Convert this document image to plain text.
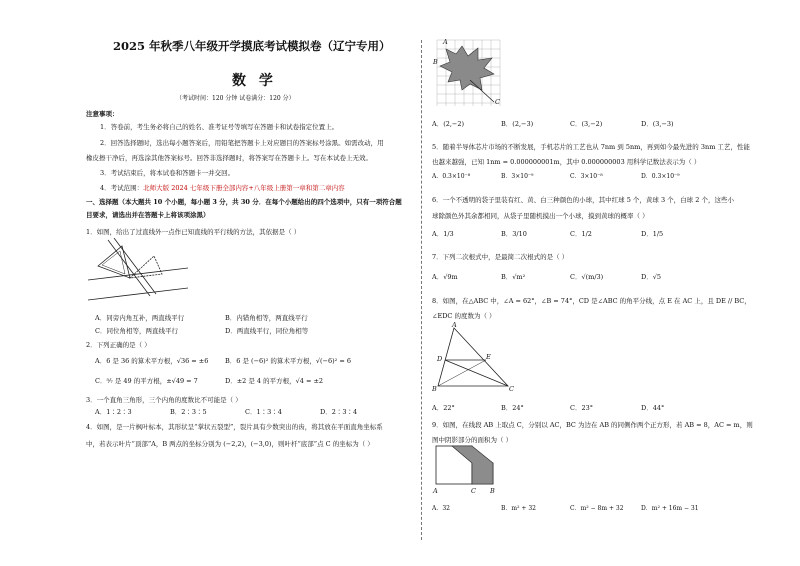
2025 年秋季八年级开学摸底考试模拟卷（辽宁专用）
数 学
（考试时间：120 分钟 试卷满分：120 分）
注意事项：
1．答卷前，考生务必将自己的姓名、准考证号等填写在答题卡和试卷指定位置上。
2．回答选择题时，选出每小题答案后，用铅笔把答题卡上对应题目的答案标号涂黑。如需改动，用
橡皮擦干净后，再选涂其他答案标号。回答非选择题时，将答案写在答题卡上。写在本试卷上无效。
3．考试结束后，将本试卷和答题卡一并交回。
4．考试范围：北师大版 2024 七年级下册全部内容+八年级上册第一章和第二章内容
一、选择题（本大题共 10 个小题，每小题 3 分，共 30 分．在每个小题给出的四个选项中，只有一项符合题
目要求，请选出并在答题卡上将该项涂黑）
1．如图，给出了过直线外一点作已知直线的平行线的方法，其依据是（ ）
A．同旁内角互补，两直线平行	B．内错角相等，两直线平行
C．同位角相等，两直线平行	D．两直线平行，同位角相等
2．下列正确的是（ ）
A．6 是 36 的算术平方根，√36 = ±6	B．6 是 (−6)² 的算术平方根，√(−6)² = 6
C．⁵⁄₇ 是 49 的平方根，±√49 = 7	D．±2 是 4 的平方根，√4 = ±2
3．一个直角三角形，三个内角的度数比不可能是（ ）
A．1∶2∶3	B．2∶3∶5	C．1∶3∶4	D．2∶3∶4
4．如图，是一片枫叶标本，其形状呈“掌状五裂型”，裂片具有少数突出的齿，将其放在平面直角坐标系
中，若表示叶片“顶部”A，B 两点的坐标分别为 (−2,2)，(−3,0)，则叶杆“底部”点 C 的坐标为（ ）
A
B
C
A．(2,−2)	B．(2,−3)	C．(3,−2)	D．(3,−3)
5．随着半导体芯片市场的不断发展，手机芯片的工艺也从 7nm 到 5nm，再到如今最先进的 3nm 工艺，性能
也越来越强，已知 1nm = 0.000000001m，其中 0.000000003 用科学记数法表示为（ ）
A．0.3×10⁻⁸	B．3×10⁻⁹	C．3×10⁻⁸	D．0.3×10⁻⁹
6．一个不透明的袋子里装有红、黄、白三种颜色的小球，其中红球 5 个，黄球 3 个，白球 2 个，这些小
球除颜色外其余都相同，从袋子里随机摸出一个小球，摸到黄球的概率（ ）
A．1/3	B．3/10	C．1/2	D．1/5
7．下列二次根式中，是最简二次根式的是（ ）
A．√9m	B．√m²	C．√(m/3)	D．√5
8．如图，在△ABC 中，∠A = 62°，∠B = 74°，CD 是∠ABC 的角平分线，点 E 在 AC 上，且 DE // BC，
∠EDC 的度数为（ ）
A
D	E
B	C
A．22°	B．24°	C．23°	D．44°
9．如图，在线段 AB 上取点 C，分别以 AC，BC 为边在 AB 的同侧作两个正方形，若 AB = 8，AC = m，则
图中阴影部分的面积为（ ）
A	C B
A．32	B．m² + 32	C．m² − 8m + 32	D．m² + 16m − 31
